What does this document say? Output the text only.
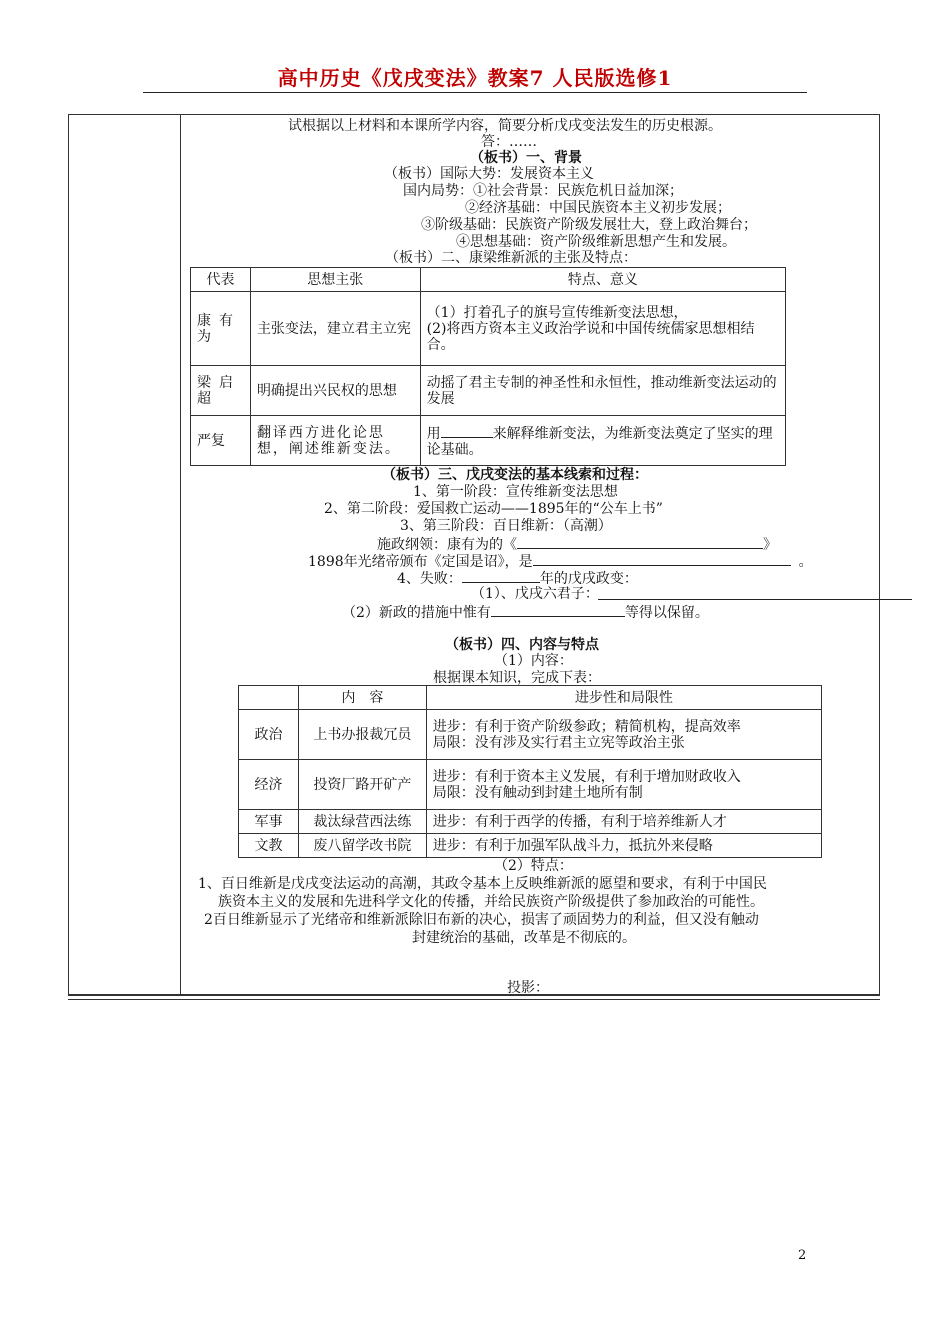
高中历史《戊戌变法》教案7 人民版选修1
试根据以上材料和本课所学内容，简要分析戊戌变法发生的历史根源。
答：……
（板书）一、背景
（板书）国际大势：发展资本主义
国内局势：①社会背景：民族危机日益加深；
②经济基础：中国民族资本主义初步发展；
③阶级基础：民族资产阶级发展壮大，登上政治舞台；
④思想基础：资产阶级维新思想产生和发展。
（板书）二、康梁维新派的主张及特点：
代表	思想主张	特点、意义
康有为	主张变法，建立君主立宪	（1）打着孔子的旗号宣传维新变法思想，
(2)将西方资本主义政治学说和中国传统儒家思想相结合。
梁启超	明确提出兴民权的思想	动摇了君主专制的神圣性和永恒性，推动维新变法运动的发展
严复	翻译西方进化论思想，阐述维新变法。	用 来解释维新变法，为维新变法奠定了坚实的理论基础。
（板书）三、戊戌变法的基本线索和过程：
1、第一阶段：宣传维新变法思想
2、第二阶段：爱国救亡运动——1895年的“公车上书”
3、第三阶段：百日维新：（高潮）
施政纲领：康有为的《	》
1898年光绪帝颁布《定国是诏》，是	。
4、失败：	年的戊戌政变：
（1）、戊戌六君子：
（2）新政的措施中惟有	等得以保留。
（板书）四、内容与特点
（1）内容：
根据课本知识，完成下表：
	内　容	进步性和局限性
政治	上书办报裁冗员	进步：有利于资产阶级参政；精简机构，提高效率
局限：没有涉及实行君主立宪等政治主张
经济	投资厂路开矿产	进步：有利于资本主义发展，有利于增加财政收入
局限：没有触动到封建土地所有制
军事	裁汰绿营西法练	进步：有利于西学的传播，有利于培养维新人才
文教	废八留学改书院	进步：有利于加强军队战斗力，抵抗外来侵略
（2）特点：
1、百日维新是戊戌变法运动的高潮，其政令基本上反映维新派的愿望和要求，有利于中国民
族资本主义的发展和先进科学文化的传播，并给民族资产阶级提供了参加政治的可能性。
2百日维新显示了光绪帝和维新派除旧布新的决心，损害了顽固势力的利益，但又没有触动
封建统治的基础，改革是不彻底的。
投影：
2
